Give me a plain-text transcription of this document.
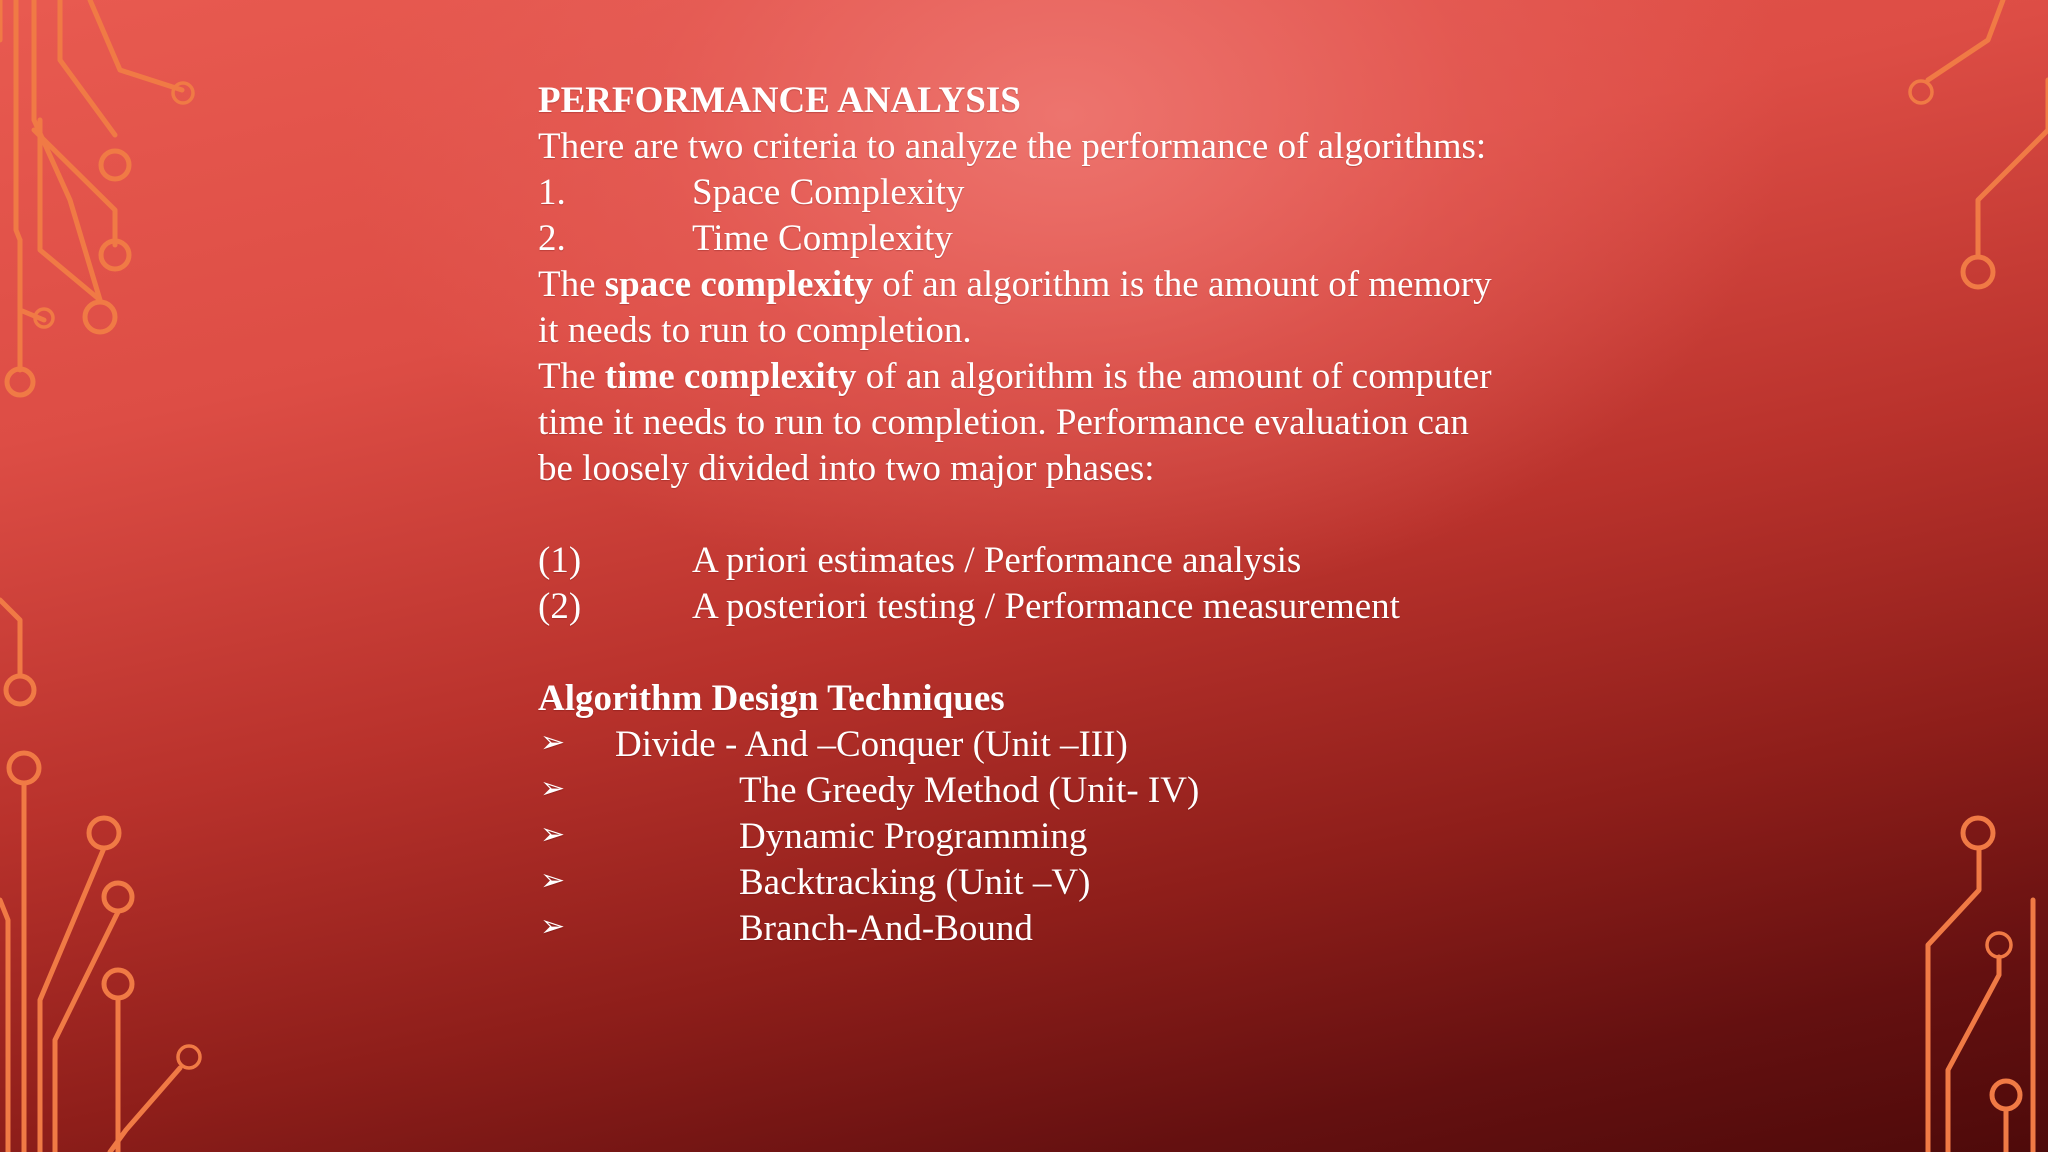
PERFORMANCE ANALYSIS
There are two criteria to analyze the performance of algorithms:
1.	Space Complexity
2.	Time Complexity
The space complexity of an algorithm is the amount of memory
it needs to run to completion.
The time complexity of an algorithm is the amount of computer
time it needs to run to completion. Performance evaluation can
be loosely divided into two major phases:
(1)	A priori estimates / Performance analysis
(2)	A posteriori testing / Performance measurement
Algorithm Design Techniques
➢ Divide - And –Conquer (Unit –III)
➢	The Greedy Method (Unit- IV)
➢	Dynamic Programming
➢	Backtracking (Unit –V)
➢	Branch-And-Bound
